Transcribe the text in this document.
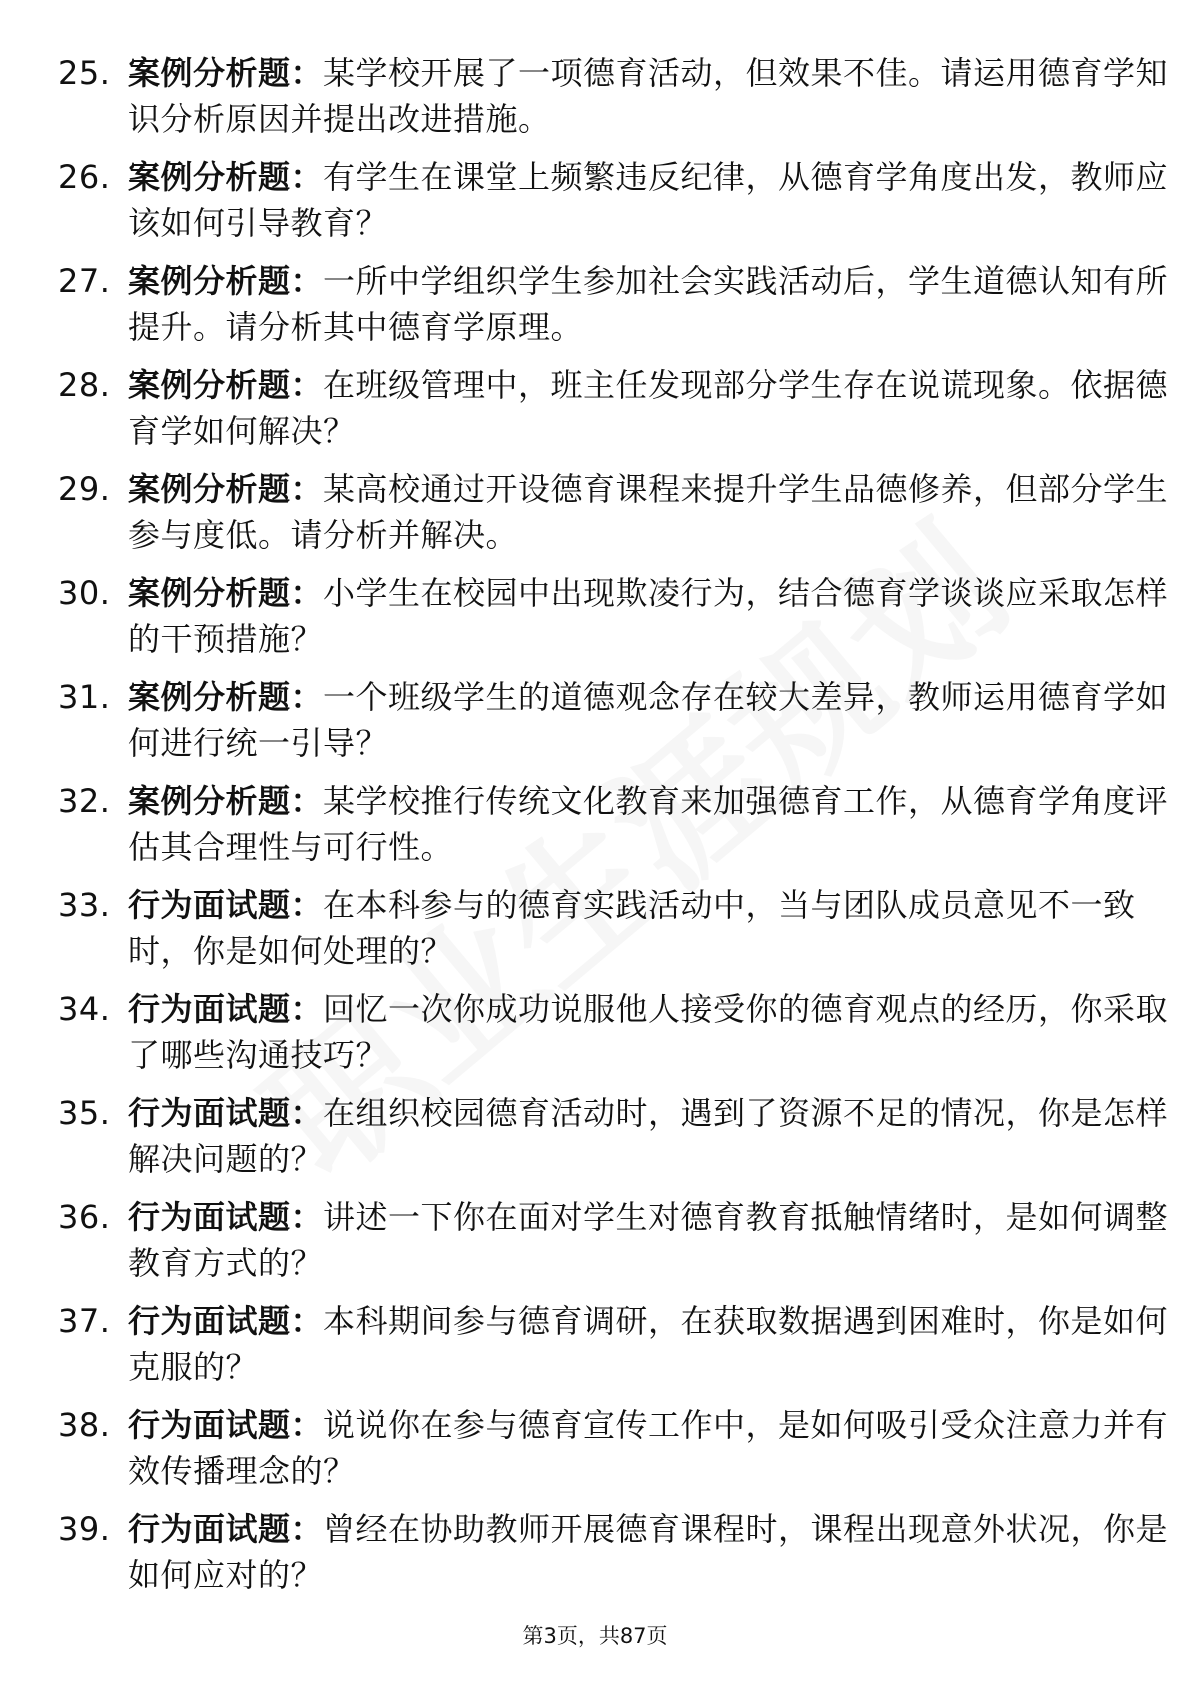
25. 案例分析题：某学校开展了一项德育活动，但效果不佳。请运用德育学知识分析原因并提出改进措施。
26. 案例分析题：有学生在课堂上频繁违反纪律，从德育学角度出发，教师应该如何引导教育？
27. 案例分析题：一所中学组织学生参加社会实践活动后，学生道德认知有所提升。请分析其中德育学原理。
28. 案例分析题：在班级管理中，班主任发现部分学生存在说谎现象。依据德育学如何解决？
29. 案例分析题：某高校通过开设德育课程来提升学生品德修养，但部分学生参与度低。请分析并解决。
30. 案例分析题：小学生在校园中出现欺凌行为，结合德育学谈谈应采取怎样的干预措施？
31. 案例分析题：一个班级学生的道德观念存在较大差异，教师运用德育学如何进行统一引导？
32. 案例分析题：某学校推行传统文化教育来加强德育工作，从德育学角度评估其合理性与可行性。
33. 行为面试题：在本科参与的德育实践活动中，当与团队成员意见不一致时，你是如何处理的？
34. 行为面试题：回忆一次你成功说服他人接受你的德育观点的经历，你采取了哪些沟通技巧？
35. 行为面试题：在组织校园德育活动时，遇到了资源不足的情况，你是怎样解决问题的？
36. 行为面试题：讲述一下你在面对学生对德育教育抵触情绪时，是如何调整教育方式的？
37. 行为面试题：本科期间参与德育调研，在获取数据遇到困难时，你是如何克服的？
38. 行为面试题：说说你在参与德育宣传工作中，是如何吸引受众注意力并有效传播理念的？
39. 行为面试题：曾经在协助教师开展德育课程时，课程出现意外状况，你是如何应对的？
第3页，共87页
